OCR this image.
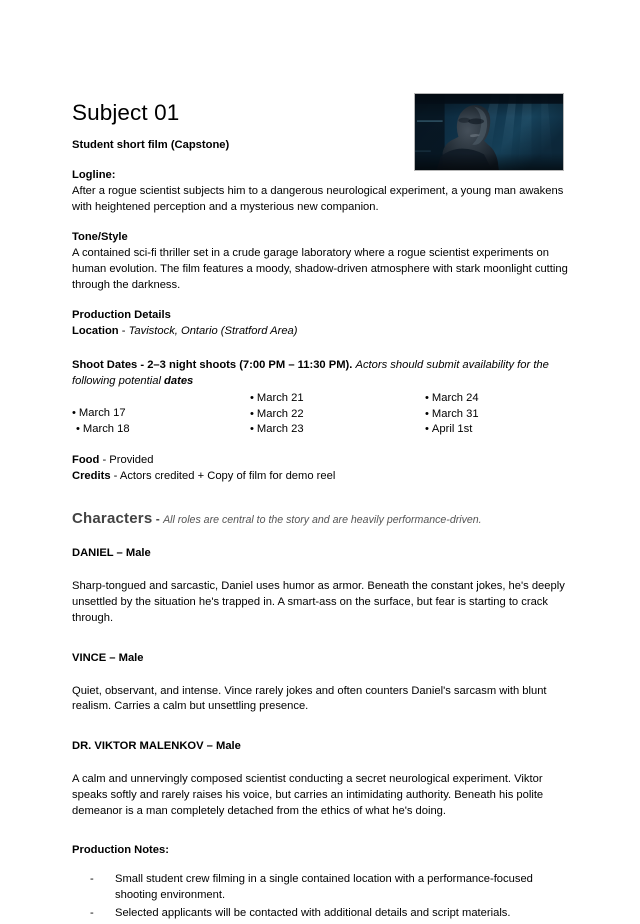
Subject 01
Student short film (Capstone)
Logline:
After a rogue scientist subjects him to a dangerous neurological experiment, a young man awakens with heightened perception and a mysterious new companion.
Tone/Style
A contained sci-fi thriller set in a crude garage laboratory where a rogue scientist experiments on human evolution. The film features a moody, shadow-driven atmosphere with stark moonlight cutting through the darkness.
Production Details
Location - Tavistock, Ontario (Stratford Area)
Shoot Dates - 2–3 night shoots (7:00 PM – 11:30 PM). Actors should submit availability for the following potential dates
• March 17
• March 18
• March 21
• March 22
• March 23
• March 24
• March 31
• April 1st
Food - Provided
Credits - Actors credited + Copy of film for demo reel
Characters - All roles are central to the story and are heavily performance-driven.
DANIEL – Male
Sharp-tongued and sarcastic, Daniel uses humor as armor. Beneath the constant jokes, he's deeply unsettled by the situation he's trapped in. A smart-ass on the surface, but fear is starting to crack through.
VINCE – Male
Quiet, observant, and intense. Vince rarely jokes and often counters Daniel's sarcasm with blunt realism. Carries a calm but unsettling presence.
DR. VIKTOR MALENKOV – Male
A calm and unnervingly composed scientist conducting a secret neurological experiment. Viktor speaks softly and rarely raises his voice, but carries an intimidating authority. Beneath his polite demeanor is a man completely detached from the ethics of what he's doing.
Production Notes:
- Small student crew filming in a single contained location with a performance-focused shooting environment.
- Selected applicants will be contacted with additional details and script materials.
